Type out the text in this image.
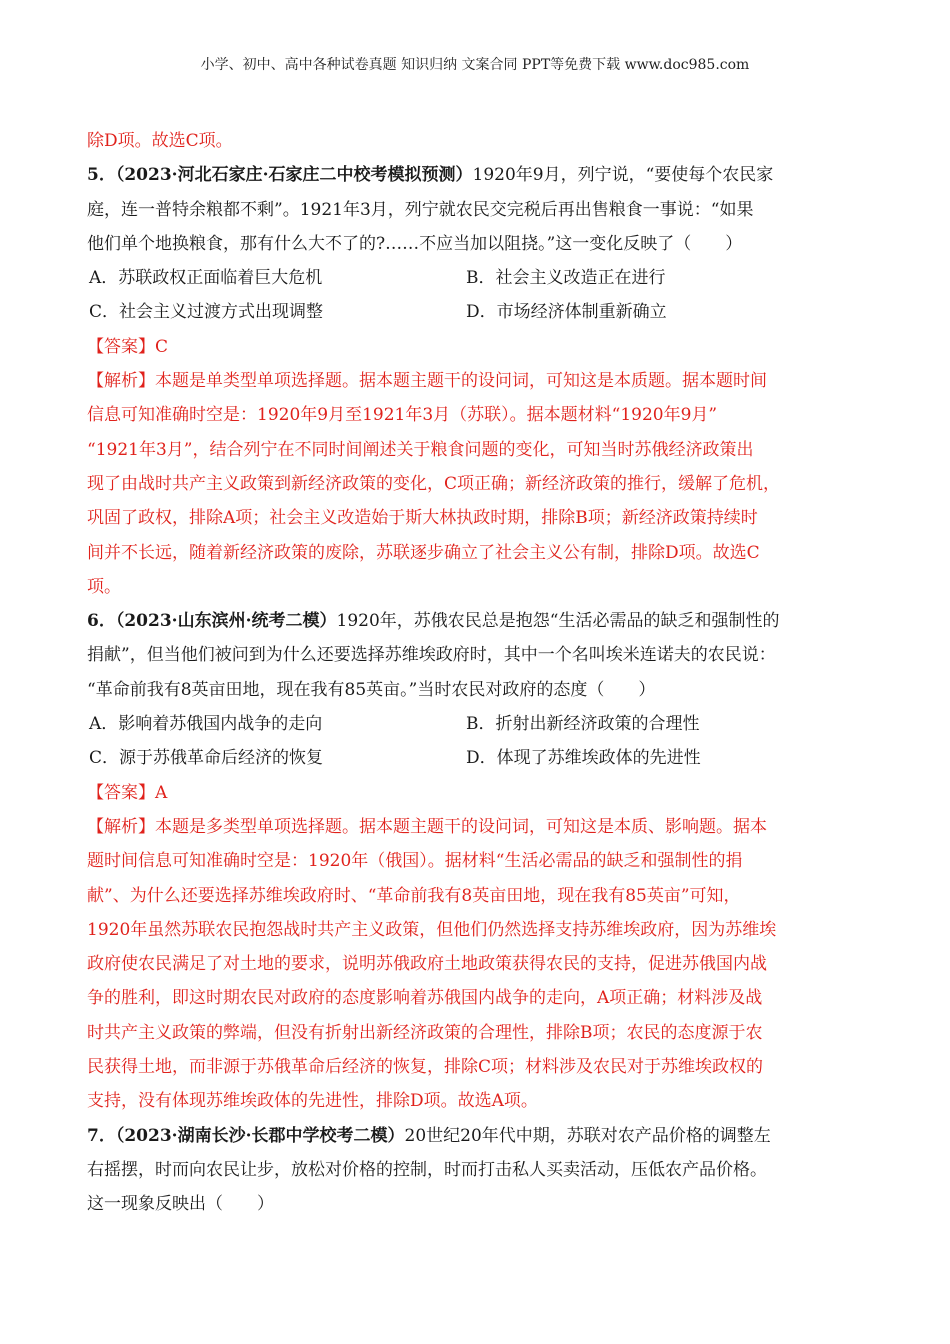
小学、初中、高中各种试卷真题 知识归纳 文案合同 PPT等免费下载 www.doc985.com
除D项。故选C项。
5．（2023·河北石家庄·石家庄二中校考模拟预测）1920年9月，列宁说，“要使每个农民家
庭，连一普特余粮都不剩”。1921年3月，列宁就农民交完税后再出售粮食一事说：“如果
他们单个地换粮食，那有什么大不了的?……不应当加以阻挠。”这一变化反映了（　　）
A．苏联政权正面临着巨大危机	B．社会主义改造正在进行
C．社会主义过渡方式出现调整	D．市场经济体制重新确立
【答案】C
【解析】本题是单类型单项选择题。据本题主题干的设问词，可知这是本质题。据本题时间
信息可知准确时空是：1920年9月至1921年3月（苏联）。据本题材料“1920年9月”
“1921年3月”，结合列宁在不同时间阐述关于粮食问题的变化，可知当时苏俄经济政策出
现了由战时共产主义政策到新经济政策的变化，C项正确；新经济政策的推行，缓解了危机，
巩固了政权，排除A项；社会主义改造始于斯大林执政时期，排除B项；新经济政策持续时
间并不长远，随着新经济政策的废除，苏联逐步确立了社会主义公有制，排除D项。故选C
项。
6．（2023·山东滨州·统考二模）1920年，苏俄农民总是抱怨“生活必需品的缺乏和强制性的
捐献”，但当他们被问到为什么还要选择苏维埃政府时，其中一个名叫埃米连诺夫的农民说：
“革命前我有8英亩田地，现在我有85英亩。”当时农民对政府的态度（　　）
A．影响着苏俄国内战争的走向	B．折射出新经济政策的合理性
C．源于苏俄革命后经济的恢复	D．体现了苏维埃政体的先进性
【答案】A
【解析】本题是多类型单项选择题。据本题主题干的设问词，可知这是本质、影响题。据本
题时间信息可知准确时空是：1920年（俄国）。据材料“生活必需品的缺乏和强制性的捐
献”、为什么还要选择苏维埃政府时、“革命前我有8英亩田地，现在我有85英亩”可知，
1920年虽然苏联农民抱怨战时共产主义政策，但他们仍然选择支持苏维埃政府，因为苏维埃
政府使农民满足了对土地的要求，说明苏俄政府土地政策获得农民的支持，促进苏俄国内战
争的胜利，即这时期农民对政府的态度影响着苏俄国内战争的走向，A项正确；材料涉及战
时共产主义政策的弊端，但没有折射出新经济政策的合理性，排除B项；农民的态度源于农
民获得土地，而非源于苏俄革命后经济的恢复，排除C项；材料涉及农民对于苏维埃政权的
支持，没有体现苏维埃政体的先进性，排除D项。故选A项。
7．（2023·湖南长沙·长郡中学校考二模）20世纪20年代中期，苏联对农产品价格的调整左
右摇摆，时而向农民让步，放松对价格的控制，时而打击私人买卖活动，压低农产品价格。
这一现象反映出（　　）
